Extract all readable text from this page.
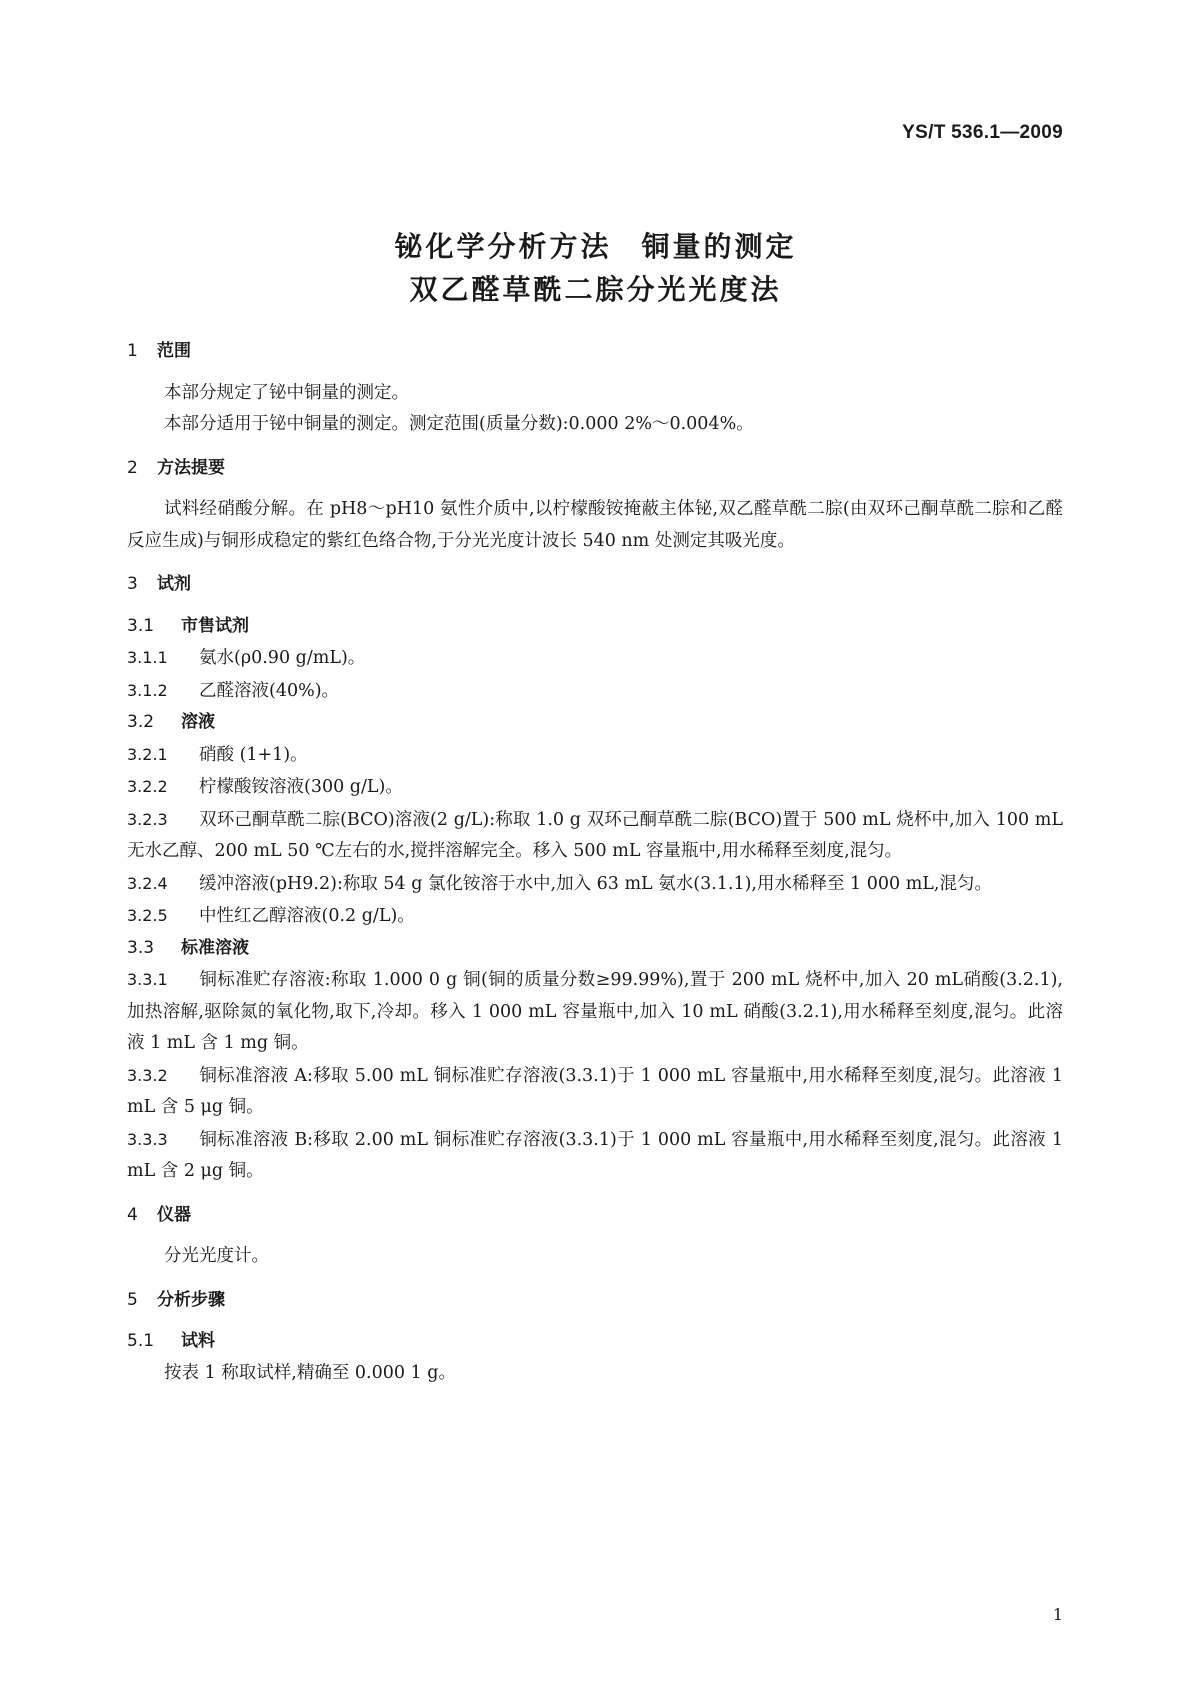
YS/T 536.1—2009
铋化学分析方法 铜量的测定
双乙醛草酰二腙分光光度法
1 范围
本部分规定了铋中铜量的测定。
本部分适用于铋中铜量的测定。测定范围(质量分数):0.000 2%～0.004%。
2 方法提要
试料经硝酸分解。在 pH8～pH10 氨性介质中,以柠檬酸铵掩蔽主体铋,双乙醛草酰二腙(由双环己酮草酰二腙和乙醛反应生成)与铜形成稳定的紫红色络合物,于分光光度计波长 540 nm 处测定其吸光度。
3 试剂
3.1 市售试剂
3.1.1 氨水(ρ0.90 g/mL)。
3.1.2 乙醛溶液(40%)。
3.2 溶液
3.2.1 硝酸 (1+1)。
3.2.2 柠檬酸铵溶液(300 g/L)。
3.2.3 双环己酮草酰二腙(BCO)溶液(2 g/L):称取 1.0 g 双环己酮草酰二腙(BCO)置于 500 mL 烧杯中,加入 100 mL 无水乙醇、200 mL 50 ℃左右的水,搅拌溶解完全。移入 500 mL 容量瓶中,用水稀释至刻度,混匀。
3.2.4 缓冲溶液(pH9.2):称取 54 g 氯化铵溶于水中,加入 63 mL 氨水(3.1.1),用水稀释至 1 000 mL,混匀。
3.2.5 中性红乙醇溶液(0.2 g/L)。
3.3 标准溶液
3.3.1 铜标准贮存溶液:称取 1.000 0 g 铜(铜的质量分数≥99.99%),置于 200 mL 烧杯中,加入 20 mL硝酸(3.2.1),加热溶解,驱除氮的氧化物,取下,冷却。移入 1 000 mL 容量瓶中,加入 10 mL 硝酸(3.2.1),用水稀释至刻度,混匀。此溶液 1 mL 含 1 mg 铜。
3.3.2 铜标准溶液 A:移取 5.00 mL 铜标准贮存溶液(3.3.1)于 1 000 mL 容量瓶中,用水稀释至刻度,混匀。此溶液 1 mL 含 5 μg 铜。
3.3.3 铜标准溶液 B:移取 2.00 mL 铜标准贮存溶液(3.3.1)于 1 000 mL 容量瓶中,用水稀释至刻度,混匀。此溶液 1 mL 含 2 μg 铜。
4 仪器
分光光度计。
5 分析步骤
5.1 试料
按表 1 称取试样,精确至 0.000 1 g。
1
